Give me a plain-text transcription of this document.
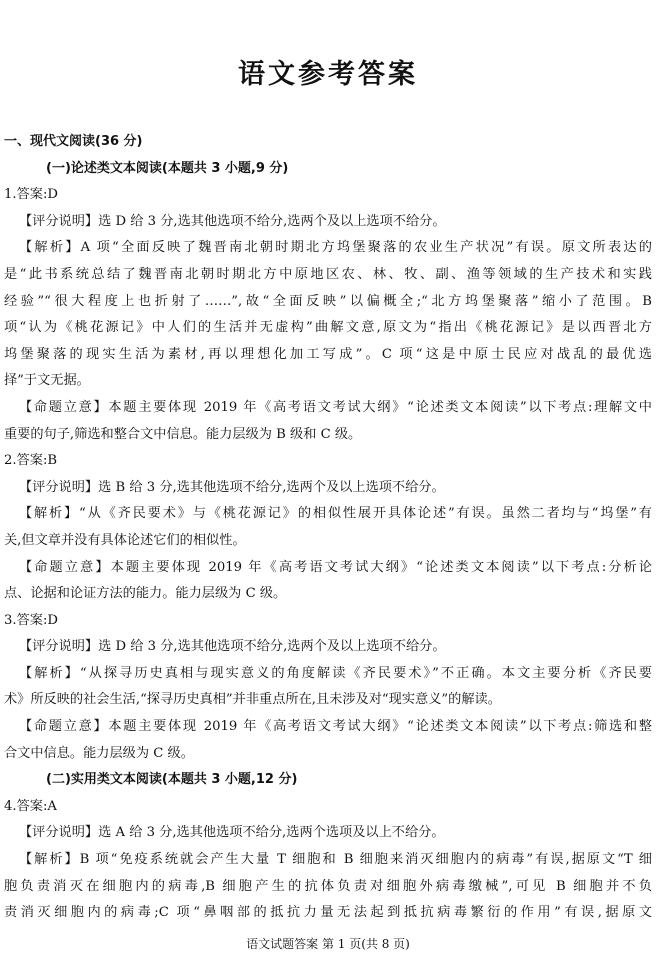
语文参考答案
一、现代文阅读(36 分)
(一)论述类文本阅读(本题共 3 小题,9 分)
1.答案:D
【评分说明】选 D 给 3 分,选其他选项不给分,选两个及以上选项不给分。
【解析】A 项“全面反映了魏晋南北朝时期北方坞堡聚落的农业生产状况”有误。原文所表达的
是“此书系统总结了魏晋南北朝时期北方中原地区农、林、牧、副、渔等领域的生产技术和实践
经验”“很大程度上也折射了……”,故“全面反映”以偏概全;“北方坞堡聚落”缩小了范围。B
项“认为《桃花源记》中人们的生活并无虚构”曲解文意,原文为“指出《桃花源记》是以西晋北方
坞堡聚落的现实生活为素材,再以理想化加工写成”。C 项“这是中原士民应对战乱的最优选
择”于文无据。
【命题立意】本题主要体现 2019 年《高考语文考试大纲》“论述类文本阅读”以下考点:理解文中
重要的句子,筛选和整合文中信息。能力层级为 B 级和 C 级。
2.答案:B
【评分说明】选 B 给 3 分,选其他选项不给分,选两个及以上选项不给分。
【解析】“从《齐民要术》与《桃花源记》的相似性展开具体论述”有误。虽然二者均与“坞堡”有
关,但文章并没有具体论述它们的相似性。
【命题立意】本题主要体现 2019 年《高考语文考试大纲》“论述类文本阅读”以下考点:分析论
点、论据和论证方法的能力。能力层级为 C 级。
3.答案:D
【评分说明】选 D 给 3 分,选其他选项不给分,选两个及以上选项不给分。
【解析】“从探寻历史真相与现实意义的角度解读《齐民要术》”不正确。本文主要分析《齐民要
术》所反映的社会生活,“探寻历史真相”并非重点所在,且未涉及对“现实意义”的解读。
【命题立意】本题主要体现 2019 年《高考语文考试大纲》“论述类文本阅读”以下考点:筛选和整
合文中信息。能力层级为 C 级。
(二)实用类文本阅读(本题共 3 小题,12 分)
4.答案:A
【评分说明】选 A 给 3 分,选其他选项不给分,选两个选项及以上不给分。
【解析】B 项“免疫系统就会产生大量 T 细胞和 B 细胞来消灭细胞内的病毒”有误,据原文“T 细
胞负责消灭在细胞内的病毒,B 细胞产生的抗体负责对细胞外病毒缴械”,可见 B 细胞并不负
责消灭细胞内的病毒;C 项“鼻咽部的抵抗力量无法起到抵抗病毒繁衍的作用”有误,据原文
语文试题答案 第 1 页(共 8 页)
